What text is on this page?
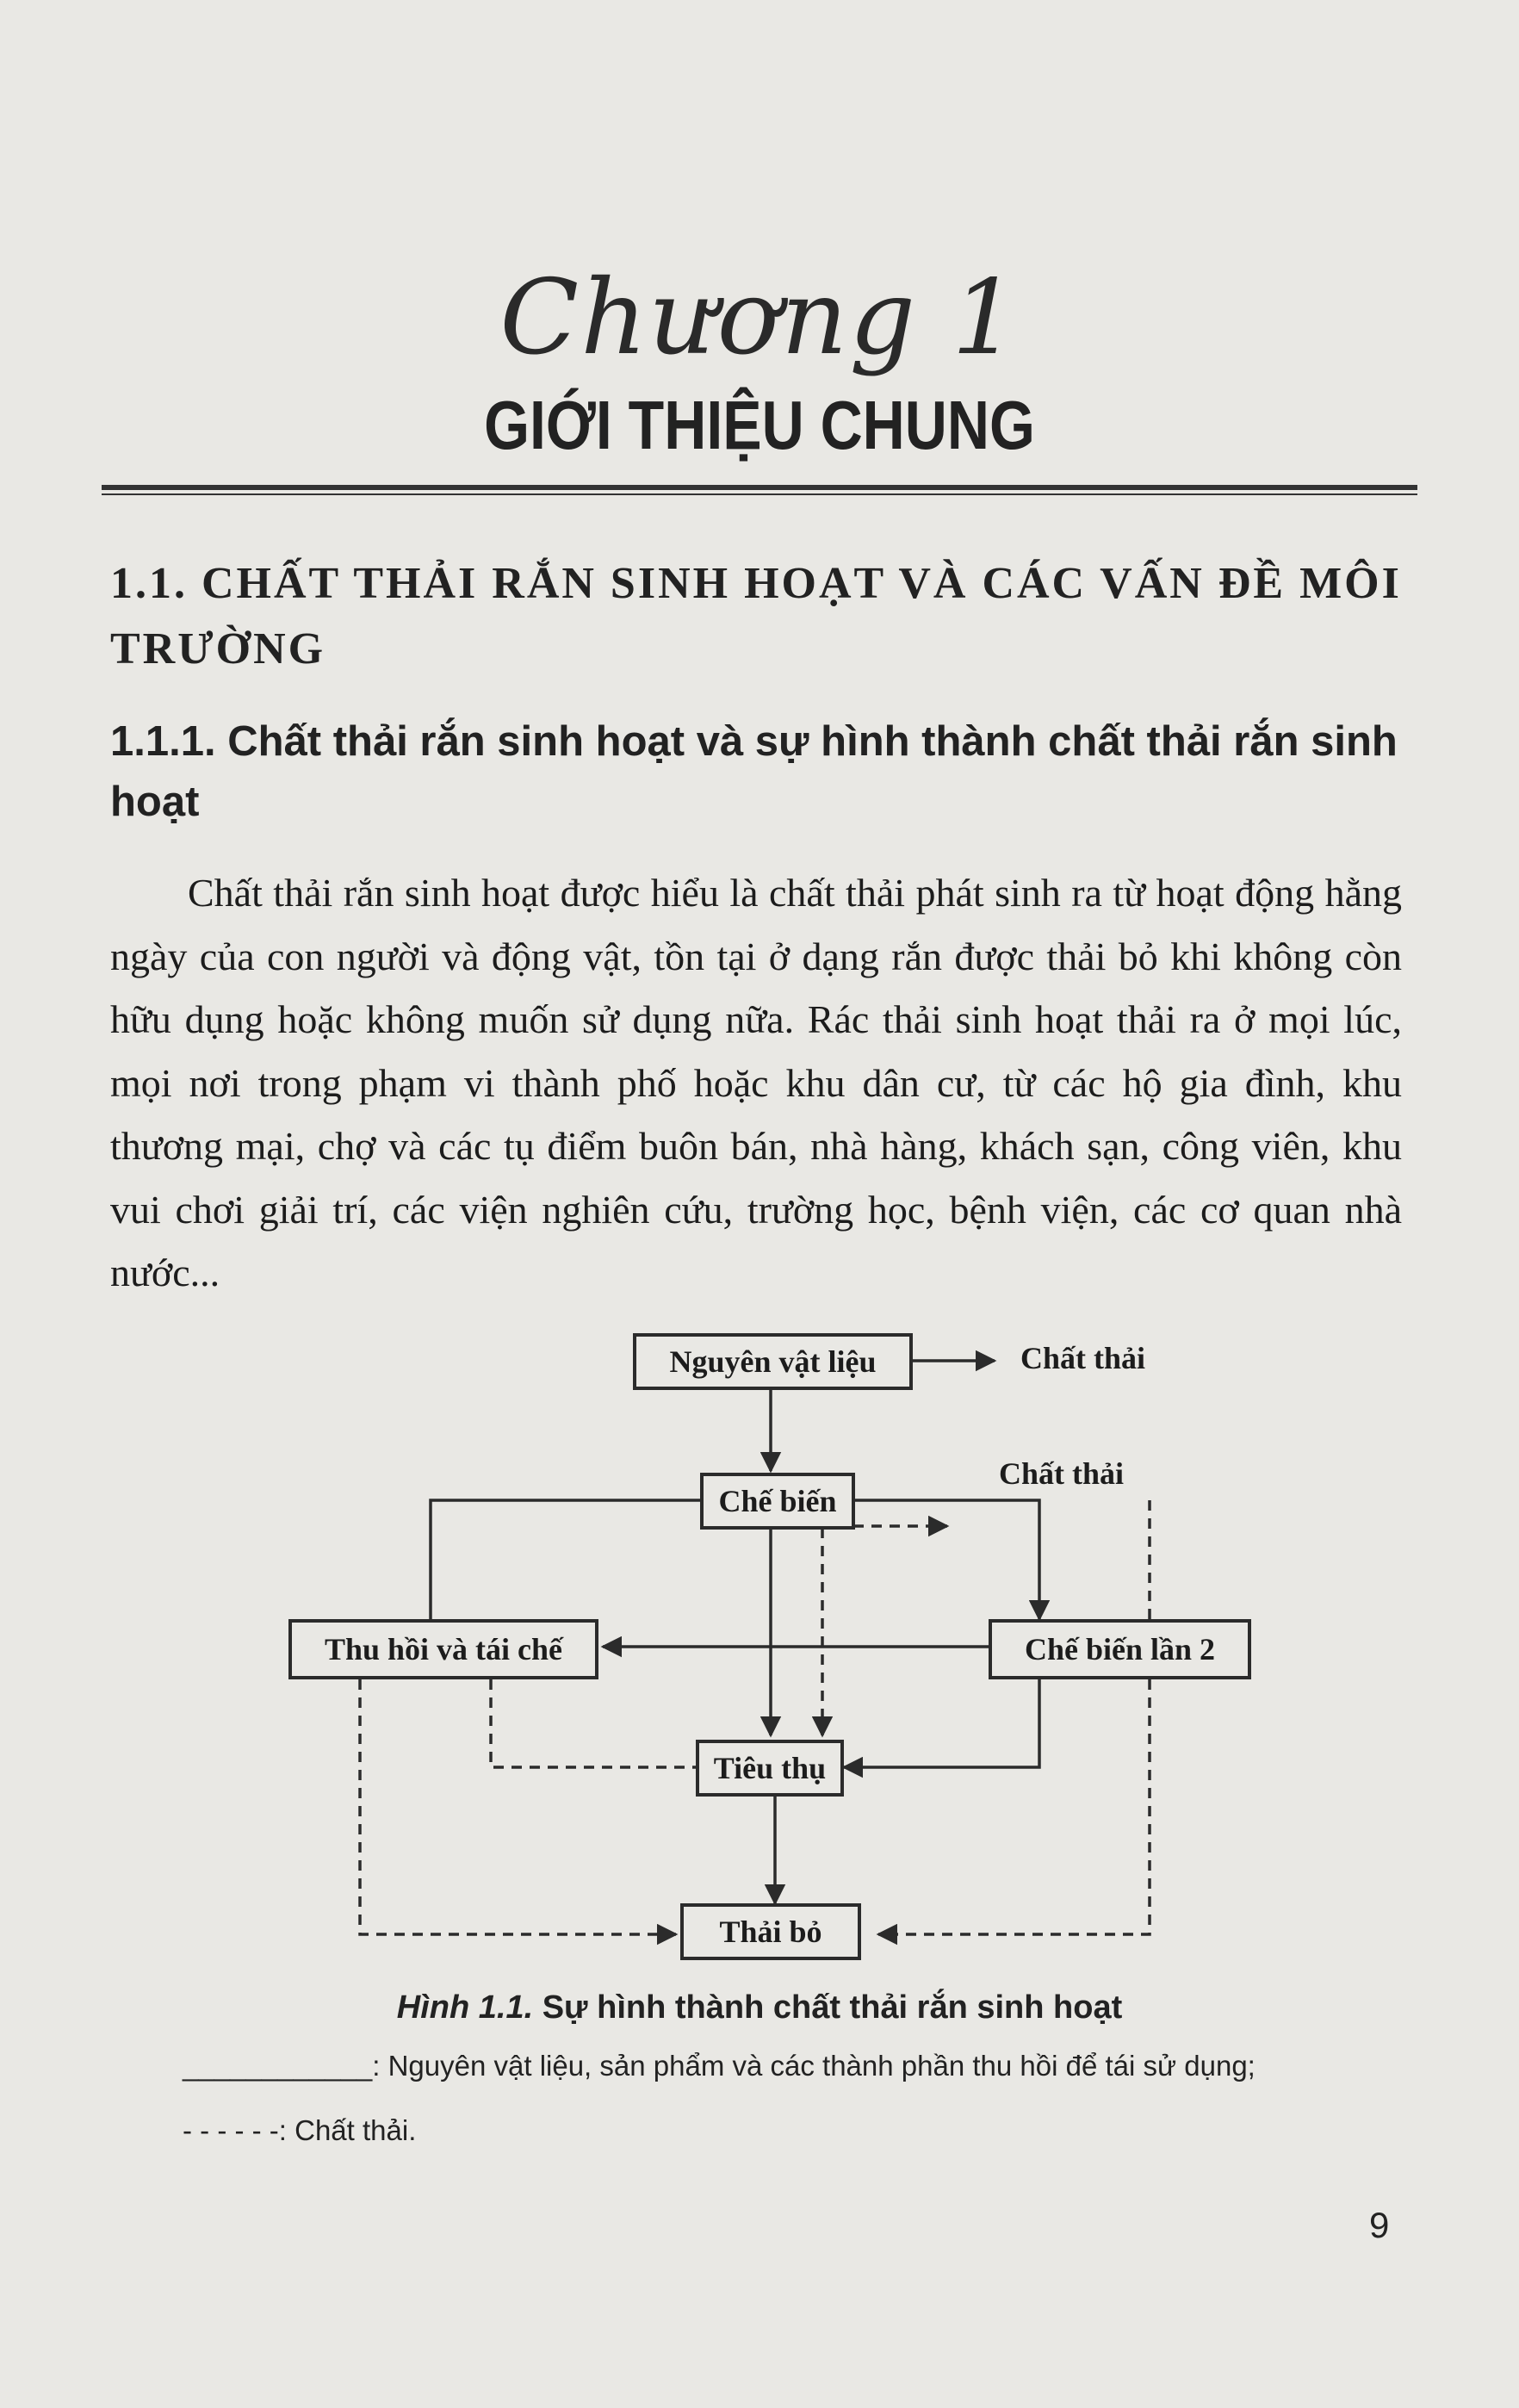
Chương 1
GIỚI THIỆU CHUNG
1.1. CHẤT THẢI RẮN SINH HOẠT VÀ CÁC VẤN ĐỀ MÔI TRƯỜNG
1.1.1. Chất thải rắn sinh hoạt và sự hình thành chất thải rắn sinh hoạt
Chất thải rắn sinh hoạt được hiểu là chất thải phát sinh ra từ hoạt động hằng ngày của con người và động vật, tồn tại ở dạng rắn được thải bỏ khi không còn hữu dụng hoặc không muốn sử dụng nữa. Rác thải sinh hoạt thải ra ở mọi lúc, mọi nơi trong phạm vi thành phố hoặc khu dân cư, từ các hộ gia đình, khu thương mại, chợ và các tụ điểm buôn bán, nhà hàng, khách sạn, công viên, khu vui chơi giải trí, các viện nghiên cứu, trường học, bệnh viện, các cơ quan nhà nước...
Nguyên vật liệu	Chất thải
Chế biến
Chất thải
Thu hồi và tái chế	Chế biến lần 2
Tiêu thụ
Thải bỏ
Hình 1.1. Sự hình thành chất thải rắn sinh hoạt
____________: Nguyên vật liệu, sản phẩm và các thành phần thu hồi để tái sử dụng;
- - - - - -: Chất thải.
9
